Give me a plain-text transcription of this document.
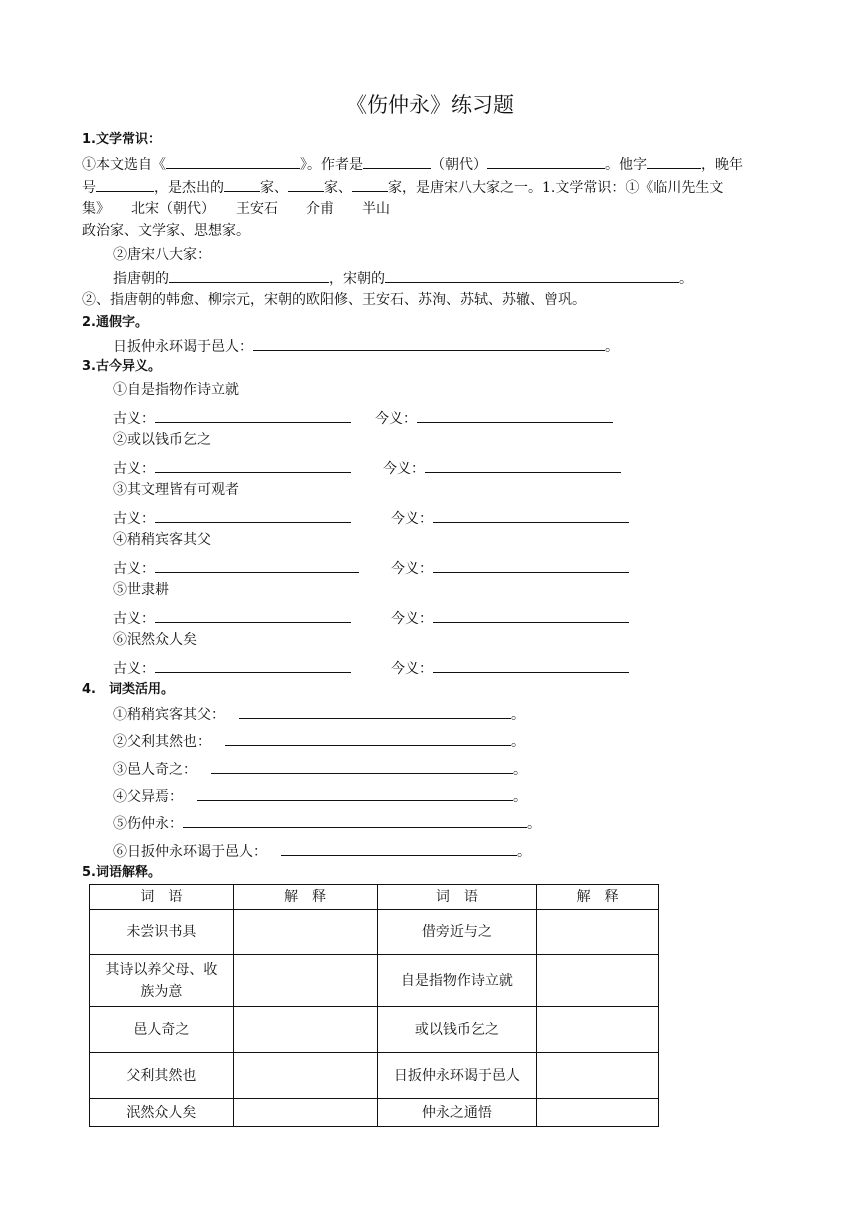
《伤仲永》练习题
1.文学常识：
①本文选自《	》。作者是	（朝代）	。他字	，晚年
号	，是杰出的	家、	家、	家，是唐宋八大家之一。1.文学常识：①《临川先生文
集》　　北宋（朝代）　　王安石　　介甫　　半山
政治家、文学家、思想家。
②唐宋八大家：
指唐朝的	，宋朝的	。
②、指唐朝的韩愈、柳宗元，宋朝的欧阳修、王安石、苏洵、苏轼、苏辙、曾巩。
2.通假字。
日扳仲永环谒于邑人：	。
3.古今异义。
①自是指物作诗立就
古义：	今义：
②或以钱币乞之
古义：	今义：
③其文理皆有可观者
古义：	今义：
④稍稍宾客其父
古义：	今义：
⑤世隶耕
古义：	今义：
⑥泯然众人矣
古义：	今义：
4.　词类活用。
①稍稍宾客其父：	。
②父利其然也：	。
③邑人奇之：	。
④父异焉：	。
⑤伤仲永：	。
⑥日扳仲永环谒于邑人：	。
5.词语解释。
词　语	解　释	词　语	解　释
未尝识书具		借旁近与之	
其诗以养父母、收族为意		自是指物作诗立就	
邑人奇之		或以钱币乞之	
父利其然也		日扳仲永环谒于邑人	
泯然众人矣		仲永之通悟	
